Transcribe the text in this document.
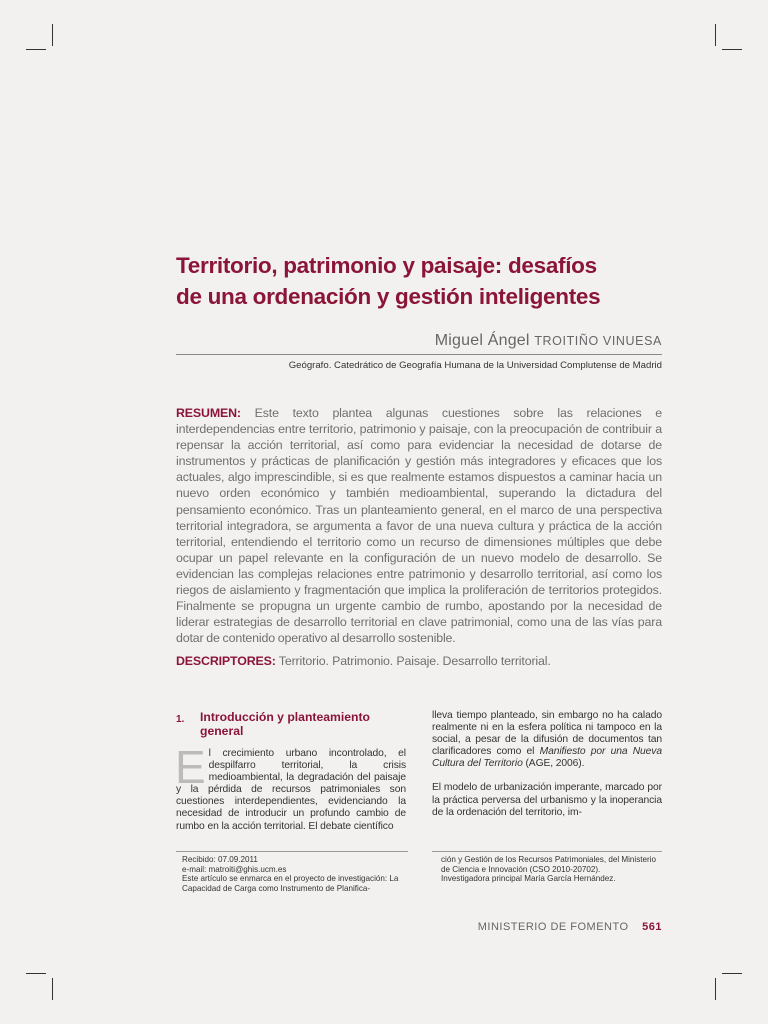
Territorio, patrimonio y paisaje: desafíos
de una ordenación y gestión inteligentes
Miguel Ángel TROITIÑO VINUESA
Geógrafo. Catedrático de Geografía Humana de la Universidad Complutense de Madrid
RESUMEN: Este texto plantea algunas cuestiones sobre las relaciones e interdependencias entre territorio, patrimonio y paisaje, con la preocupación de contribuir a repensar la acción territorial, así como para evidenciar la necesidad de dotarse de instrumentos y prácticas de planificación y gestión más integradores y eficaces que los actuales, algo imprescindible, si es que realmente estamos dispuestos a caminar hacia un nuevo orden económico y también medioambiental, superando la dictadura del pensamiento económico. Tras un planteamiento general, en el marco de una perspectiva territorial integradora, se argumenta a favor de una nueva cultura y práctica de la acción territorial, entendiendo el territorio como un recurso de dimensiones múltiples que debe ocupar un papel relevante en la configuración de un nuevo modelo de desarrollo. Se evidencian las complejas relaciones entre patrimonio y desarrollo territorial, así como los riegos de aislamiento y fragmentación que implica la proliferación de territorios protegidos. Finalmente se propugna un urgente cambio de rumbo, apostando por la necesidad de liderar estrategias de desarrollo territorial en clave patrimonial, como una de las vías para dotar de contenido operativo al desarrollo sostenible.
DESCRIPTORES: Territorio. Patrimonio. Paisaje. Desarrollo territorial.
1. Introducción y planteamiento general
El crecimiento urbano incontrolado, el despilfarro territorial, la crisis medioambiental, la degradación del paisaje y la pérdida de recursos patrimoniales son cuestiones interdependientes, evidenciando la necesidad de introducir un profundo cambio de rumbo en la acción territorial. El debate científico

lleva tiempo planteado, sin embargo no ha calado realmente ni en la esfera política ni tampoco en la social, a pesar de la difusión de documentos tan clarificadores como el Manifiesto por una Nueva Cultura del Territorio (AGE, 2006).

El modelo de urbanización imperante, marcado por la práctica perversa del urbanismo y la inoperancia de la ordenación del territorio, im-

Recibido: 07.09.2011
e-mail: matroiti@ghis.ucm.es
Este artículo se enmarca en el proyecto de investigación: La Capacidad de Carga como Instrumento de Planifica-
ción y Gestión de los Recursos Patrimoniales, del Ministerio de Ciencia e Innovación (CSO 2010-20702).
Investigadora principal María García Hernández.
MINISTERIO DE FOMENTO 561
